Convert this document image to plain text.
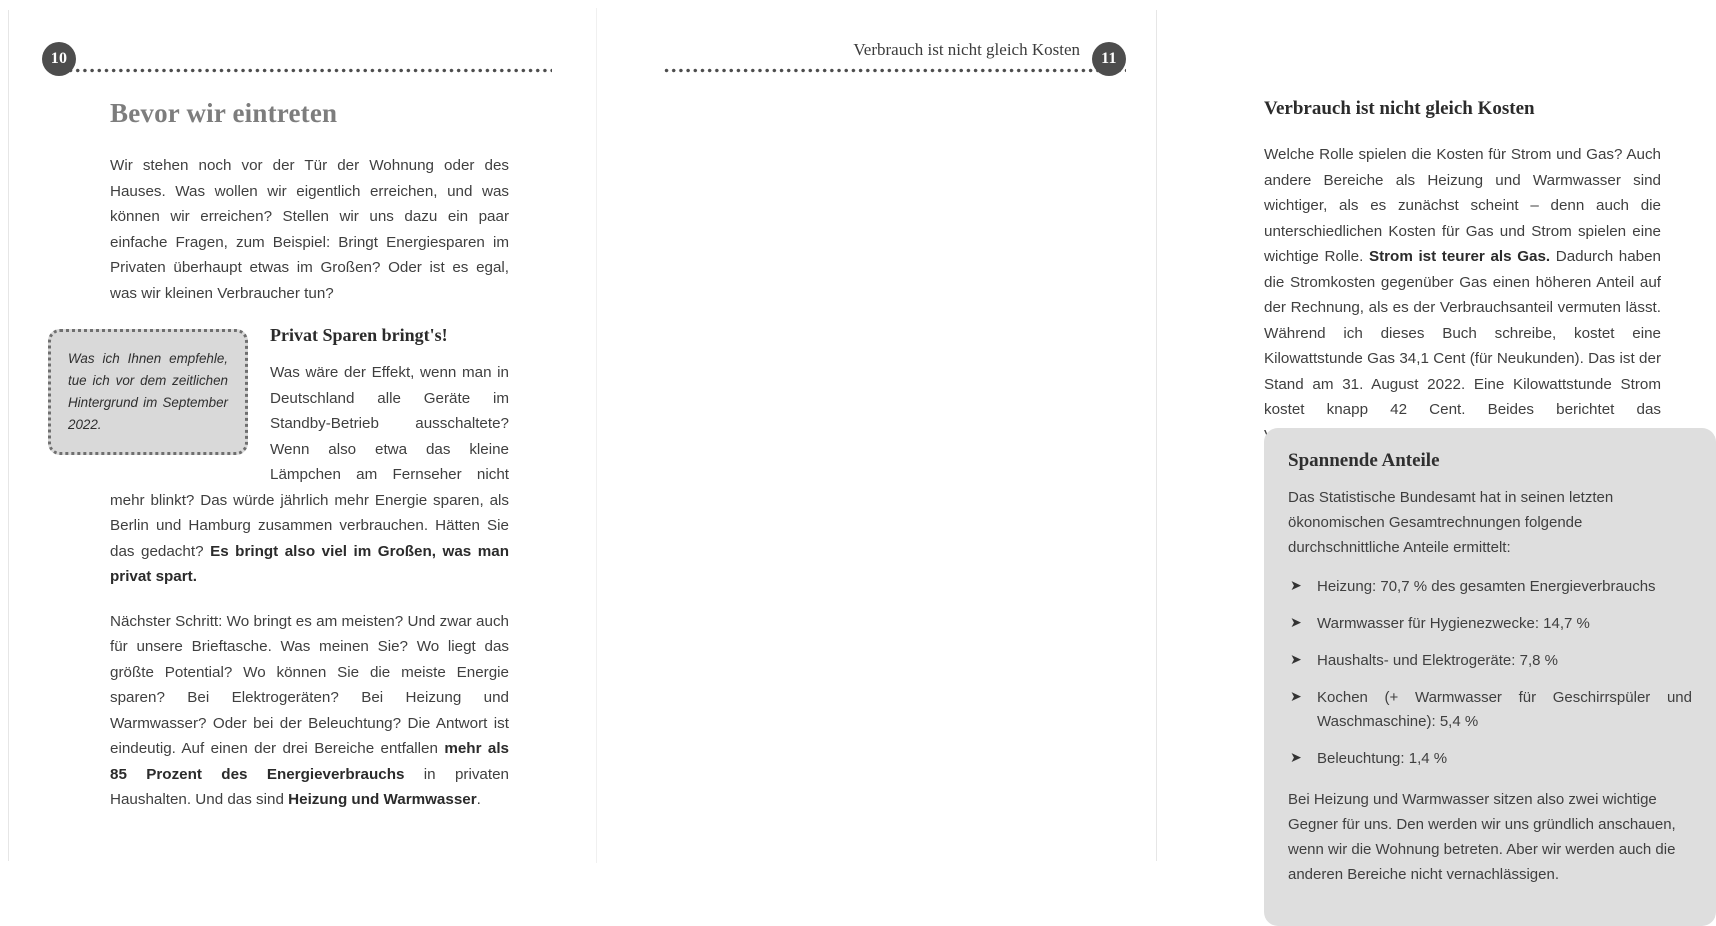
10
Bevor wir eintreten

Wir stehen noch vor der Tür der Wohnung oder des Hauses. Was wollen wir eigentlich erreichen, und was können wir erreichen? Stellen wir uns dazu ein paar einfache Fragen, zum Beispiel: Bringt Energiesparen im Privaten überhaupt etwas im Großen? Oder ist es egal, was wir kleinen Verbraucher tun?

Was ich Ihnen empfehle, tue ich vor dem zeitlichen Hintergrund im September 2022.

Privat Sparen bringt's!

Was wäre der Effekt, wenn man in Deutschland alle Geräte im Standby-Betrieb ausschaltete? Wenn also etwa das kleine Lämpchen am Fernseher nicht mehr blinkt? Das würde jährlich mehr Energie sparen, als Berlin und Hamburg zusammen verbrauchen. Hätten Sie das gedacht? Es bringt also viel im Großen, was man privat spart.

Nächster Schritt: Wo bringt es am meisten? Und zwar auch für unsere Brieftasche. Was meinen Sie? Wo liegt das größte Potential? Wo können Sie die meiste Energie sparen? Bei Elektrogeräten? Bei Heizung und Warmwasser? Oder bei der Beleuchtung? Die Antwort ist eindeutig. Auf einen der drei Bereiche entfallen mehr als 85 Prozent des Energieverbrauchs in privaten Haushalten. Und das sind Heizung und Warmwasser.

Verbrauch ist nicht gleich Kosten	11
Verbrauch ist nicht gleich Kosten

Welche Rolle spielen die Kosten für Strom und Gas? Auch andere Bereiche als Heizung und Warmwasser sind wichtiger, als es zunächst scheint – denn auch die unterschiedlichen Kosten für Gas und Strom spielen eine wichtige Rolle. Strom ist teurer als Gas. Dadurch haben die Stromkosten gegenüber Gas einen höheren Anteil auf der Rechnung, als es der Verbrauchsanteil vermuten lässt. Während ich dieses Buch schreibe, kostet eine Kilowattstunde Gas 34,1 Cent (für Neukunden). Das ist der Stand am 31. August 2022. Eine Kilowattstunde Strom kostet knapp 42 Cent. Beides berichtet das

Spannende Anteile

Das Statistische Bundesamt hat in seinen letzten ökonomischen Gesamtrechnungen folgende durchschnittliche Anteile ermittelt:

➤ Heizung: 70,7 % des gesamten Energieverbrauchs
➤ Warmwasser für Hygienezwecke: 14,7 %
➤ Haushalts- und Elektrogeräte: 7,8 %
➤ Kochen (+ Warmwasser für Geschirrspüler und Waschmaschine): 5,4 %
➤ Beleuchtung: 1,4 %

Bei Heizung und Warmwasser sitzen also zwei wichtige Gegner für uns. Den werden wir uns gründlich anschauen, wenn wir die Wohnung betreten. Aber wir werden auch die anderen Bereiche nicht vernachlässigen.
